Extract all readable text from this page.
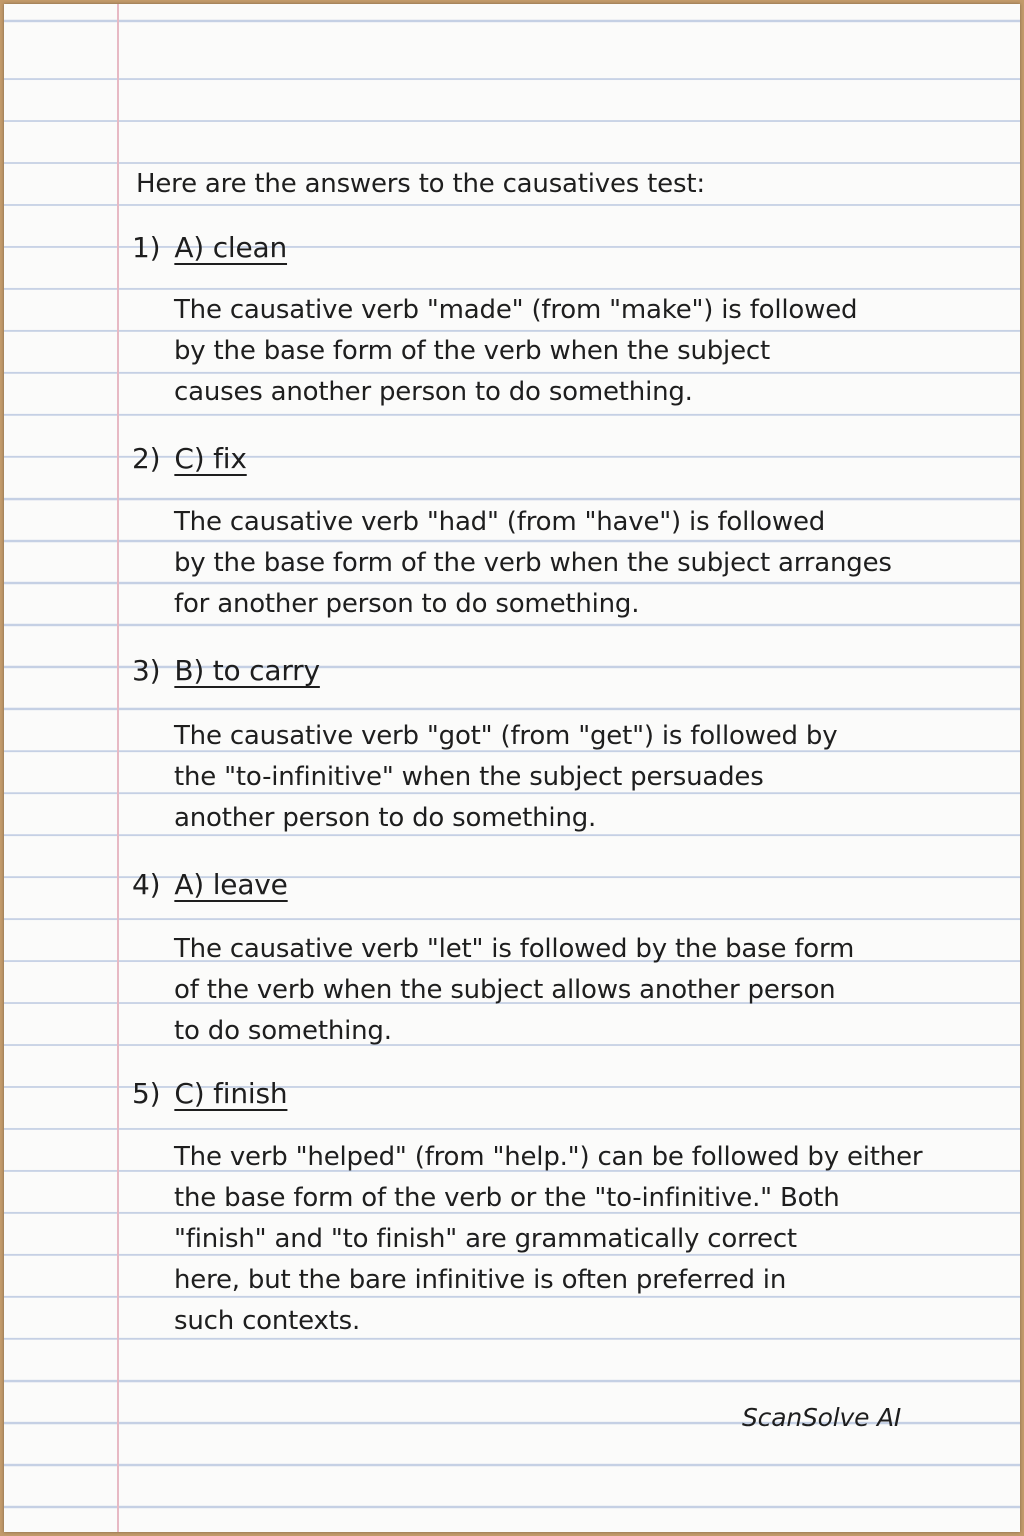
Here are the answers to the causatives test:
1) A) clean
The causative verb "made" (from "make") is followed
by the base form of the verb when the subject
causes another person to do something.
2) C) fix
The causative verb "had" (from "have") is followed
by the base form of the verb when the subject arranges
for another person to do something.
3) B) to carry
The causative verb "got" (from "get") is followed by
the "to-infinitive" when the subject persuades
another person to do something.
4) A) leave
The causative verb "let" is followed by the base form
of the verb when the subject allows another person
to do something.
5) C) finish
The verb "helped" (from "help.") can be followed by either
the base form of the verb or the "to-infinitive." Both
"finish" and "to finish" are grammatically correct
here, but the bare infinitive is often preferred in
such contexts.
ScanSolve AI
